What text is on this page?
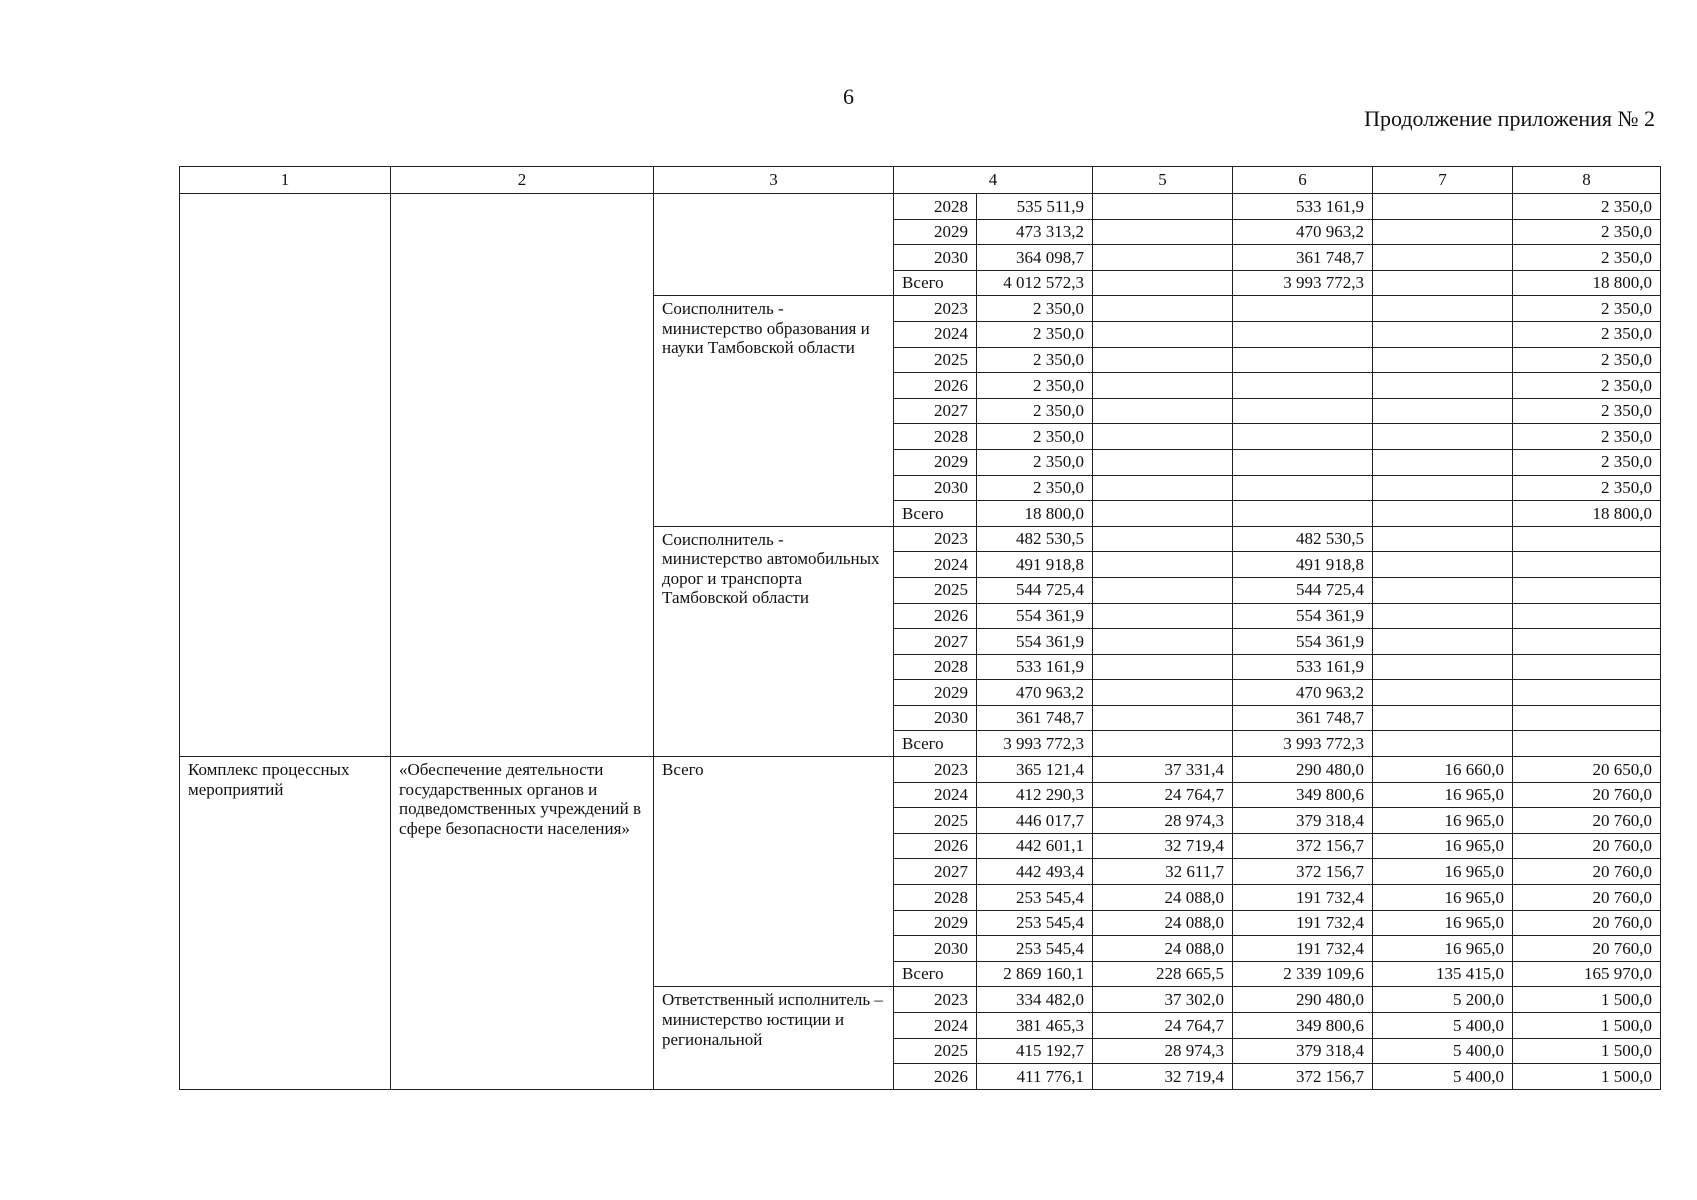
6
Продолжение приложения № 2
1	2	3	4		5	6	7	8
			2028	535 511,9		533 161,9		2 350,0
			2029	473 313,2		470 963,2		2 350,0
			2030	364 098,7		361 748,7		2 350,0
			Всего	4 012 572,3		3 993 772,3		18 800,0
		Соисполнитель - министерство образования и науки Тамбовской области	2023	2 350,0				2 350,0
			2024	2 350,0				2 350,0
			2025	2 350,0				2 350,0
			2026	2 350,0				2 350,0
			2027	2 350,0				2 350,0
			2028	2 350,0				2 350,0
			2029	2 350,0				2 350,0
			2030	2 350,0				2 350,0
			Всего	18 800,0				18 800,0
		Соисполнитель - министерство автомобильных дорог и транспорта Тамбовской области	2023	482 530,5		482 530,5		
			2024	491 918,8		491 918,8		
			2025	544 725,4		544 725,4		
			2026	554 361,9		554 361,9		
			2027	554 361,9		554 361,9		
			2028	533 161,9		533 161,9		
			2029	470 963,2		470 963,2		
			2030	361 748,7		361 748,7		
			Всего	3 993 772,3		3 993 772,3		
Комплекс процессных мероприятий	«Обеспечение деятельности государственных органов и подведомственных учреждений в сфере безопасности населения»	Всего	2023	365 121,4	37 331,4	290 480,0	16 660,0	20 650,0
			2024	412 290,3	24 764,7	349 800,6	16 965,0	20 760,0
			2025	446 017,7	28 974,3	379 318,4	16 965,0	20 760,0
			2026	442 601,1	32 719,4	372 156,7	16 965,0	20 760,0
			2027	442 493,4	32 611,7	372 156,7	16 965,0	20 760,0
			2028	253 545,4	24 088,0	191 732,4	16 965,0	20 760,0
			2029	253 545,4	24 088,0	191 732,4	16 965,0	20 760,0
			2030	253 545,4	24 088,0	191 732,4	16 965,0	20 760,0
			Всего	2 869 160,1	228 665,5	2 339 109,6	135 415,0	165 970,0
		Ответственный исполнитель – министерство юстиции и региональной	2023	334 482,0	37 302,0	290 480,0	5 200,0	1 500,0
			2024	381 465,3	24 764,7	349 800,6	5 400,0	1 500,0
			2025	415 192,7	28 974,3	379 318,4	5 400,0	1 500,0
			2026	411 776,1	32 719,4	372 156,7	5 400,0	1 500,0
